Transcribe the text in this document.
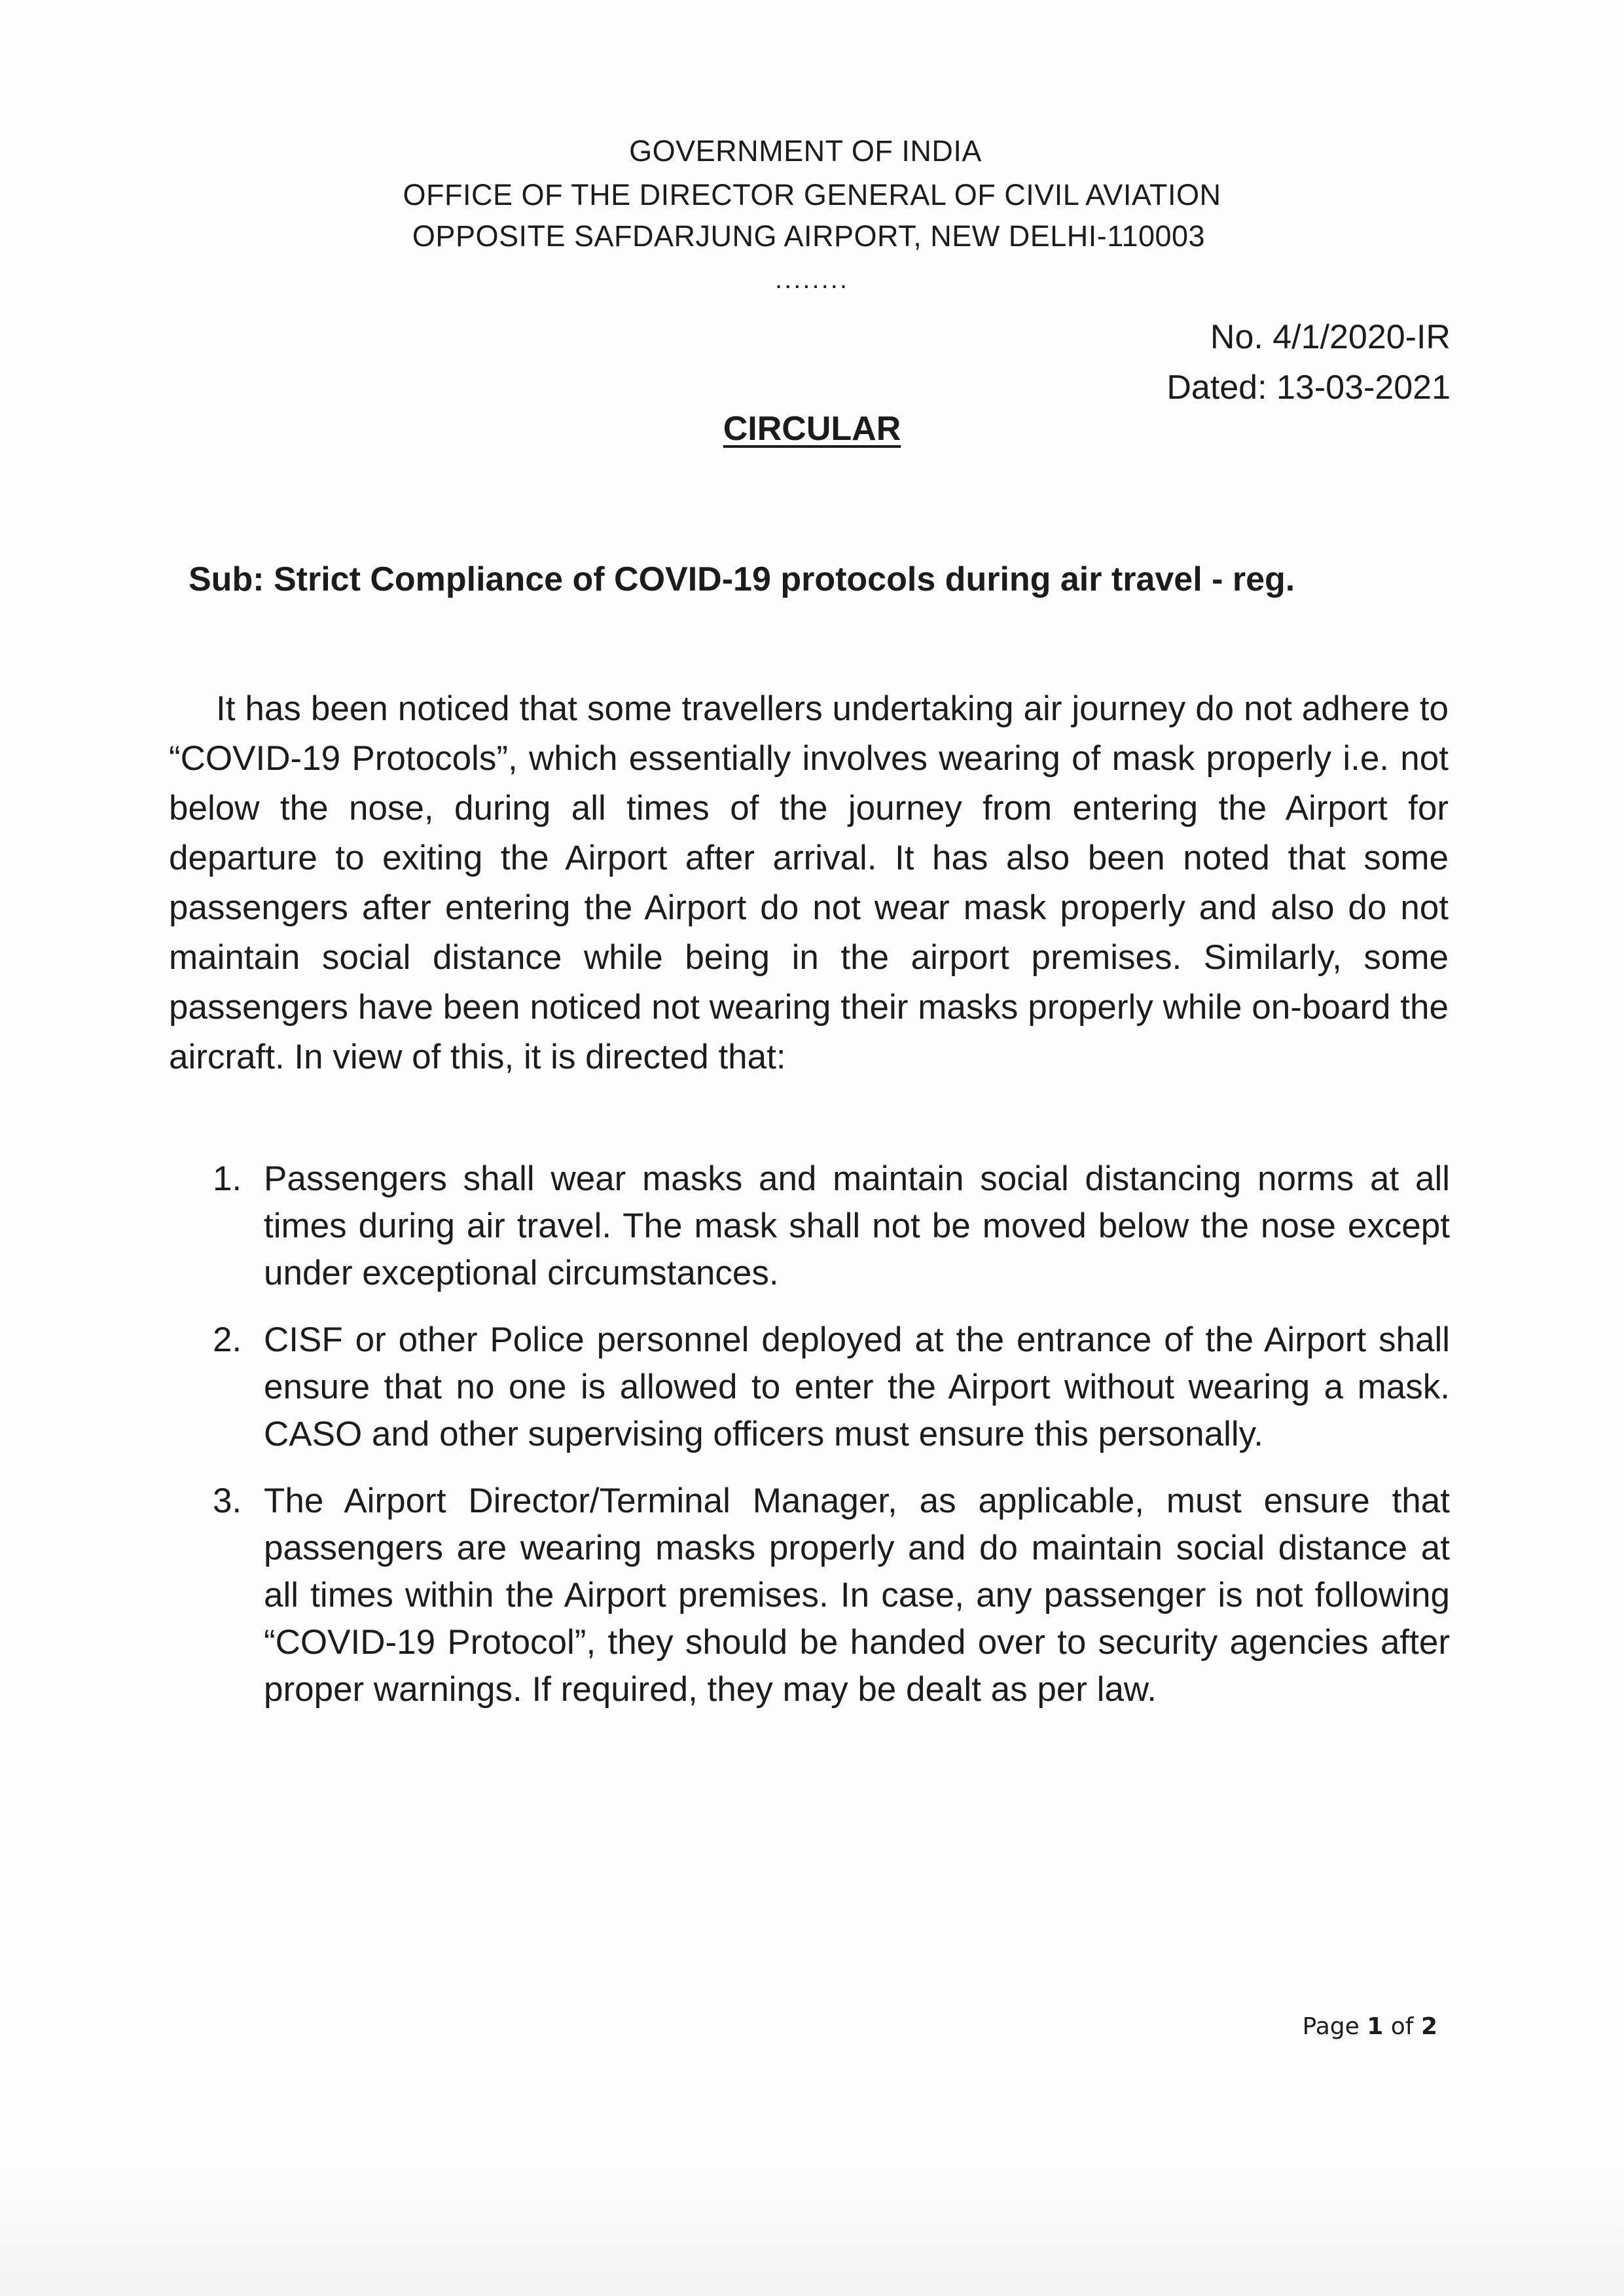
GOVERNMENT OF INDIA
OFFICE OF THE DIRECTOR GENERAL OF CIVIL AVIATION
OPPOSITE SAFDARJUNG AIRPORT, NEW DELHI-110003
........
No. 4/1/2020-IR
Dated: 13-03-2021
CIRCULAR
Sub: Strict Compliance of COVID-19 protocols during air travel - reg.

It has been noticed that some travellers undertaking air journey do not adhere to “COVID-19 Protocols”, which essentially involves wearing of mask properly i.e. not below the nose, during all times of the journey from entering the Airport for departure to exiting the Airport after arrival. It has also been noted that some passengers after entering the Airport do not wear mask properly and also do not maintain social distance while being in the airport premises. Similarly, some passengers have been noticed not wearing their masks properly while on-board the aircraft. In view of this, it is directed that:

1. Passengers shall wear masks and maintain social distancing norms at all times during air travel. The mask shall not be moved below the nose except under exceptional circumstances.
2. CISF or other Police personnel deployed at the entrance of the Airport shall ensure that no one is allowed to enter the Airport without wearing a mask. CASO and other supervising officers must ensure this personally.
3. The Airport Director/Terminal Manager, as applicable, must ensure that passengers are wearing masks properly and do maintain social distance at all times within the Airport premises. In case, any passenger is not following “COVID-19 Protocol”, they should be handed over to security agencies after proper warnings. If required, they may be dealt as per law.
Page 1 of 2
